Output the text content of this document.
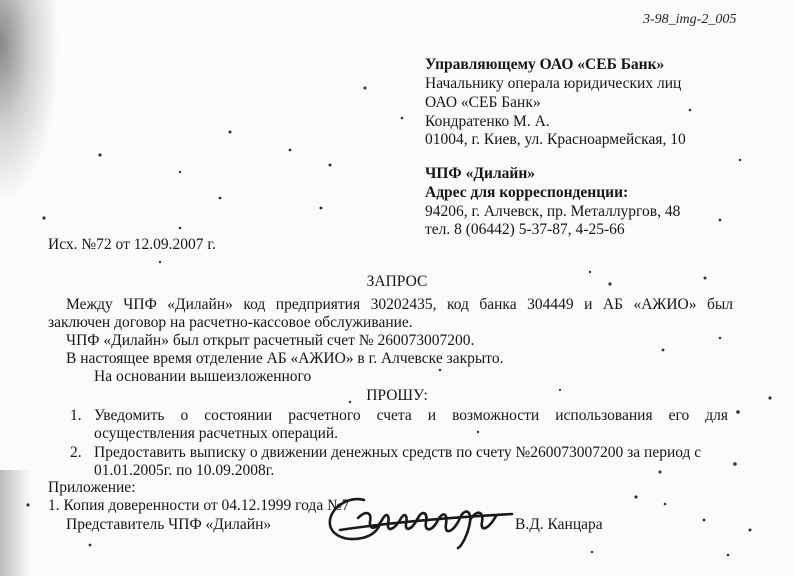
3-98_img-2_005
Управляющему ОАО «СЕБ Банк»
Начальнику операла юридических лиц
ОАО «СЕБ Банк»
Кондратенко М. А.
01004, г. Киев, ул. Красноармейская, 10
ЧПФ «Дилайн»
Адрес для корреспонденции:
94206, г. Алчевск, пр. Металлургов, 48
тел. 8 (06442) 5-37-87, 4-25-66
Исх. №72 от 12.09.2007 г.
ЗАПРОС
Между ЧПФ «Дилайн» код предприятия 30202435, код банка 304449 и АБ «АЖИО» был
заключен договор на расчетно-кассовое обслуживание.
ЧПФ «Дилайн» был открыт расчетный счет № 260073007200.
В настоящее время отделение АБ «АЖИО» в г. Алчевске закрыто.
На основании вышеизложенного
ПРОШУ:
1. Уведомить о состоянии расчетного счета и возможности использования его для
осуществления расчетных операций.
2. Предоставить выписку о движении денежных средств по счету №260073007200 за период с
01.01.2005г. по 10.09.2008г.
Приложение:
1. Копия доверенности от 04.12.1999 года №7
Представитель ЧПФ «Дилайн»	В.Д. Канцара
